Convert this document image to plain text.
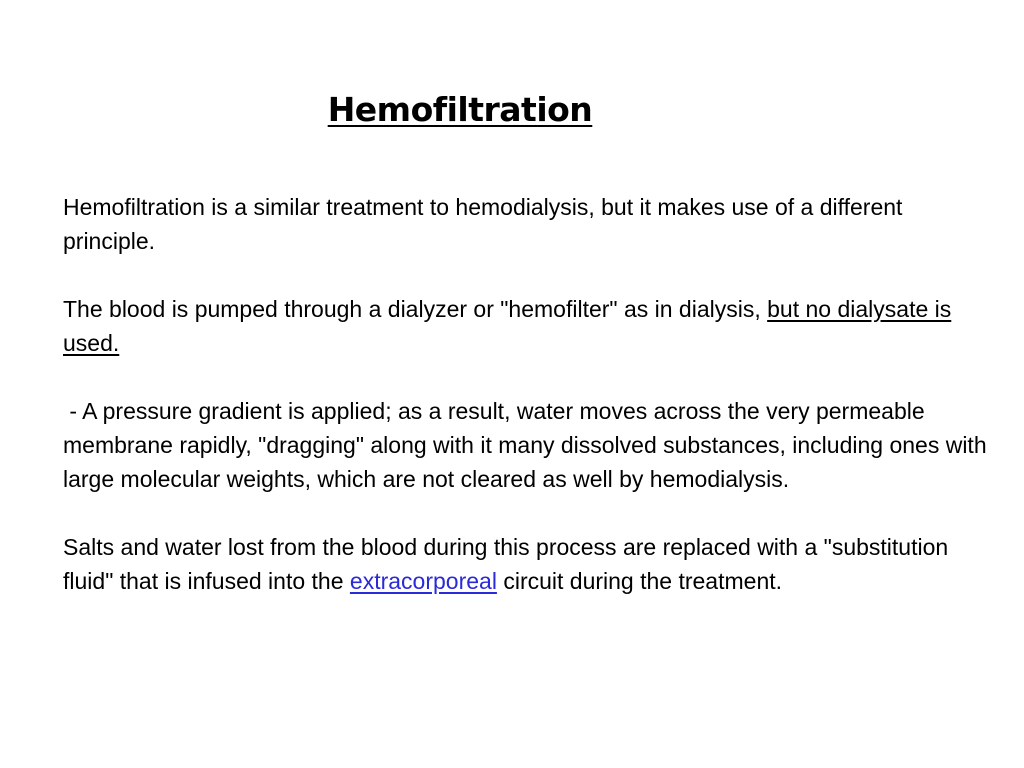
Hemofiltration

Hemofiltration is a similar treatment to hemodialysis, but it makes use of a different principle.

The blood is pumped through a dialyzer or "hemofilter" as in dialysis, but no dialysate is used.

- A pressure gradient is applied; as a result, water moves across the very permeable membrane rapidly, "dragging" along with it many dissolved substances, including ones with large molecular weights, which are not cleared as well by hemodialysis.

Salts and water lost from the blood during this process are replaced with a "substitution fluid" that is infused into the extracorporeal circuit during the treatment.
